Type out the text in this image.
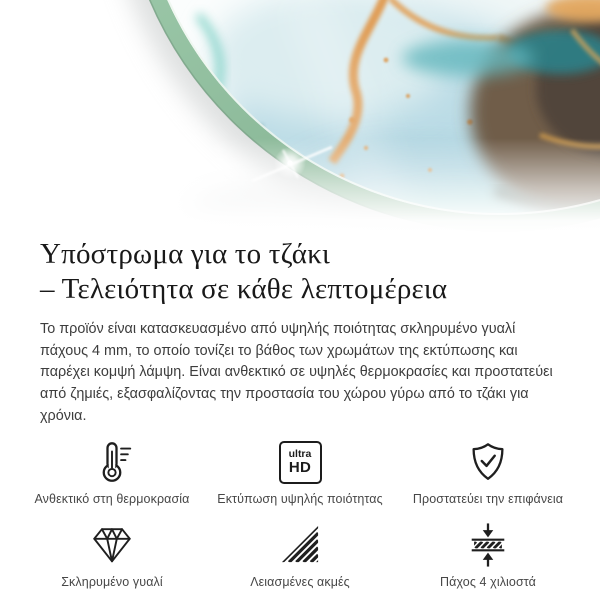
Υπόστρωμα για το τζάκι
– Τελειότητα σε κάθε λεπτομέρεια

Το προϊόν είναι κατασκευασμένο από υψηλής ποιότητας σκληρυμένο γυαλί πάχους 4 mm, το οποίο τονίζει το βάθος των χρωμάτων της εκτύπωσης και παρέχει κομψή λάμψη. Είναι ανθεκτικό σε υψηλές θερμοκρασίες και προστατεύει από ζημιές, εξασφαλίζοντας την προστασία του χώρου γύρω από το τζάκι για χρόνια.

Ανθεκτικό στη θερμοκρασία
ultra
HD
Εκτύπωση υψηλής ποιότητας Προστατεύει την επιφάνεια
Σκληρυμένο γυαλί	Λειασμένες ακμές	Πάχος 4 χιλιοστά
